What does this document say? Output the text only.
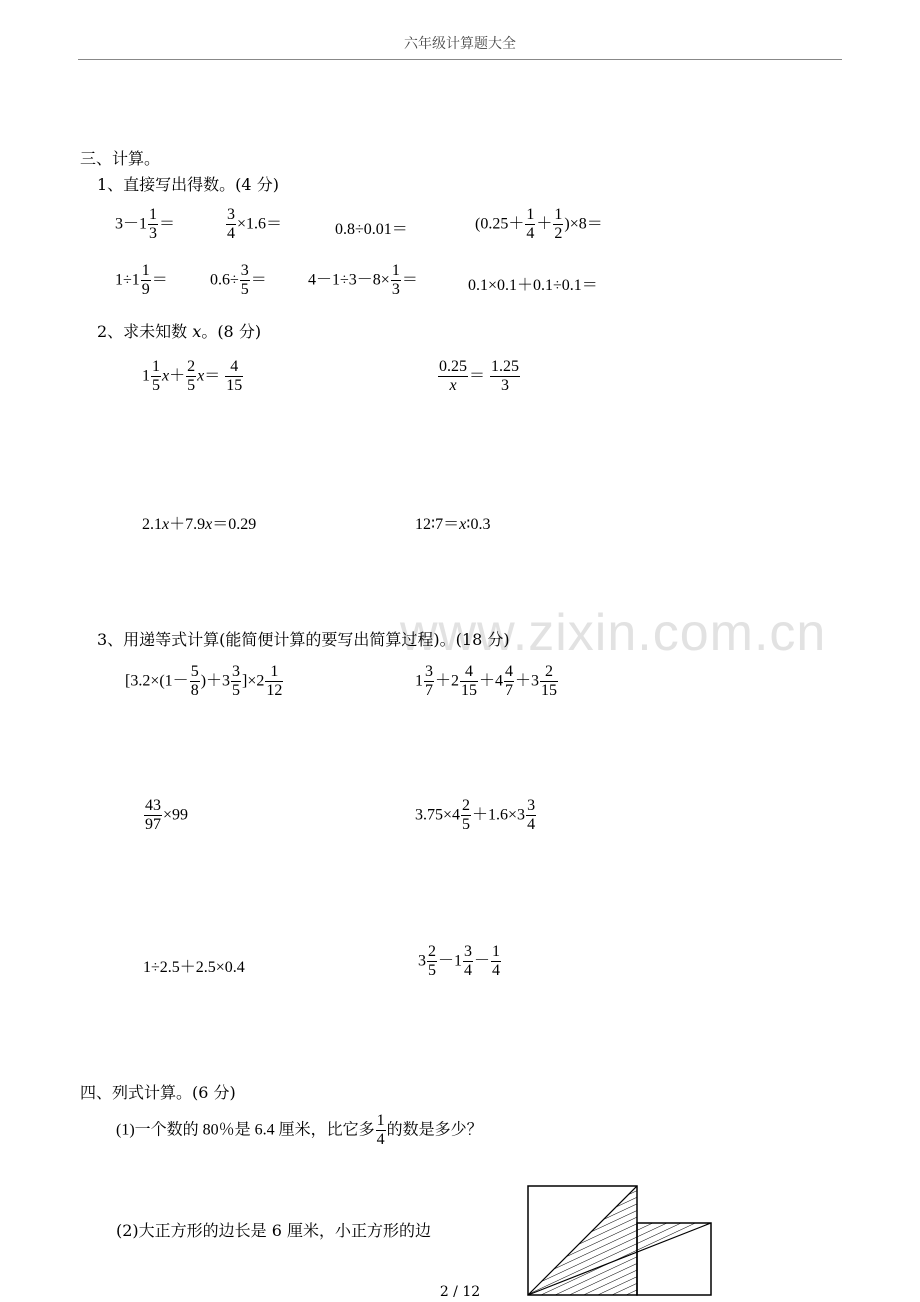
六年级计算题大全
www.zixin.com.cn
三、计算。
1、直接写出得数。(4 分)
$3-1 \frac{1}{3}$ ＝	$\frac{3}{4} \times 1.6=$	0.8÷0.01＝	$(0.25+ \frac{1}{4} + \frac{1}{2} )\times 8=$
$1\div 1 \frac{1}{9}$ ＝	$0.6\div \frac{3}{5}$ ＝	$4-1\div 3-8\times \frac{1}{3}$ ＝	0.1×0.1＋0.1÷0.1＝
2、求未知数 x。(8 分)
$1 \frac{1}{5} x+ \frac{2}{5} x= \frac{4}{15}$	$\frac{0.25}{x} = \frac{1.25}{3}$
2.1x＋7.9x＝0.29	12∶7＝x∶0.3
3、用递等式计算(能简便计算的要写出简算过程)。(18 分)
$[3.2\times(1- \frac{5}{8} )+3 \frac{3}{5} ]\times 2 \frac{1}{12}$	$1 \frac{3}{7} +2 \frac{4}{15} +4 \frac{4}{7} +3 \frac{2}{15}$
$\frac{43}{97} \times 99$	$3.75\times 4 \frac{2}{5} +1.6\times 3 \frac{3}{4}$
1÷2.5＋2.5×0.4	$3 \frac{2}{5} -1 \frac{3}{4} - \frac{1}{4}$
四、列式计算。(6 分)
(1)一个数的 80％是 6.4 厘米，比它多 $\frac{1}{4}$ 的数是多少？
(2)大正方形的边长是 6 厘米，小正方形的边
2 / 12
